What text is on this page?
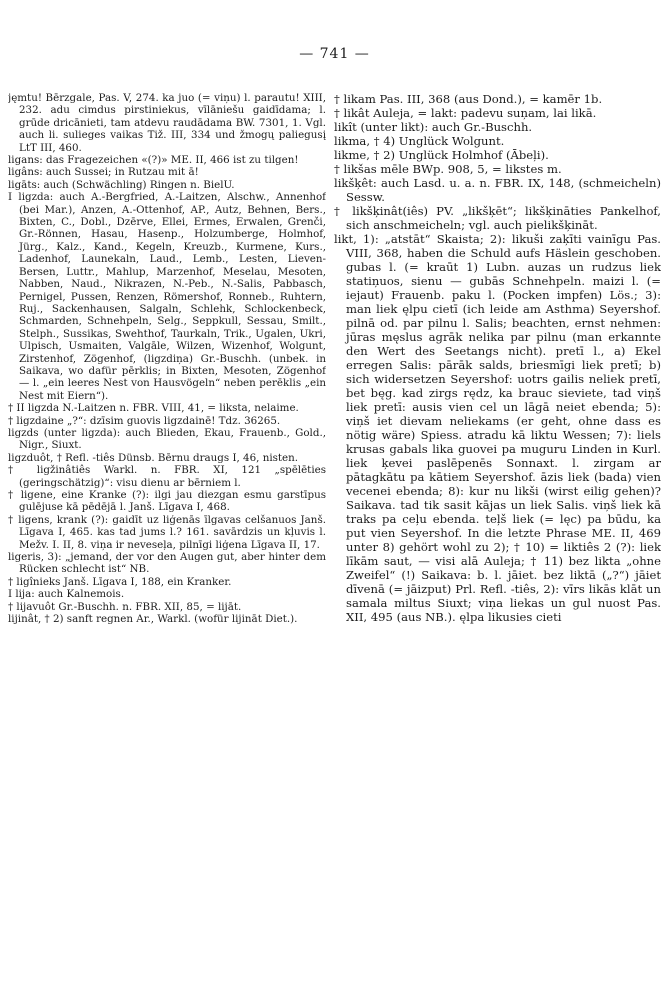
— 741 —

jęmtu! Bērzgale, Pas. V, 274. ka juo (= viņu) l. parautu! XIII, 232. adu cimdus pirstiniekus, vīlāniešu gaidīdama; l. grūde dricānieti, tam atdevu raudādama BW. 7301, 1. Vgl. auch li. sulieges vaikas Tiž. III, 334 und žmogų paliegusį LtT III, 460.

ligans: das Fragezeichen «(?)» ME. II, 466 ist zu tilgen!

ligâns: auch Sussei; in Rutzau mit ā!

ligāts: auch (Schwächling) Ringen n. BielU.

I ligzda: auch A.-Bergfried, A.-Laitzen, Alschw., Annenhof (bei Mar.), Anzen, A.-Ottenhof, AP., Autz, Behnen, Bers., Bixten, C., Dobl., Dzērve, Ellei, Ermes, Erwalen, Grenči, Gr.-Rönnen, Hasau, Hasenp., Holzumberge, Holmhof, Jürg., Kalz., Kand., Kegeln, Kreuzb., Kurmene, Kurs., Ladenhof, Launekaln, Laud., Lemb., Lesten, Lieven-Bersen, Luttr., Mahlup, Marzenhof, Meselau, Mesoten, Nabben, Naud., Nikrazen, N.-Peb., N.-Salis, Pabbasch, Pernigel, Pussen, Renzen, Römershof, Ronneb., Ruhtern, Ruj., Sackenhausen, Salgaln, Schlehk, Schlockenbeck, Schmarden, Schnehpeln, Selg., Seppkull, Sessau, Smilt., Stelph., Sussikas, Swehthof, Taurkaln, Trik., Ugalen, Ukri, Ulpisch, Usmaiten, Valgāle, Wilzen, Wizenhof, Wolgunt, Zirstenhof, Zögenhof, (ligzdiņa) Gr.-Buschh. (unbek. in Saikava, wo dafür pērklis; in Bixten, Mesoten, Zögenhof — l. „ein leeres Nest von Hausvögeln“ neben perēklis „ein Nest mit Eiern“).

† II ligzda N.-Laitzen n. FBR. VIII, 41, = liksta, nelaime.

† ligzdaine „?“: dzīsim guovis ligzdainē! Tdz. 36265.

ligzds (unter ligzda): auch Blieden, Ekau, Frauenb., Gold., Nigr., Siuxt.

ligzduôt, † Refl. -tiês Dünsb. Bērnu draugs I, 46, nisten.

† ligžinâtiês Warkl. n. FBR. XI, 121 „spēlēties (geringschätzig)“: visu dienu ar bērniem l.

† ligene, eine Kranke (?): ilgi jau diezgan esmu garstīpus gulējuse kā pēdējā l. Janš. Līgava I, 468.

† ligens, krank (?): gaidīt uz liģenās īlgavas celšanuos Janš. Līgava I, 465. kas tad jums l.? 161. savārdzis un kļuvis l. Mežv. I. II, 8. viņa ir neveseļa, pilnīgi liģena Līgava II, 17.

ligeris, 3): „jemand, der vor den Augen gut, aber hinter dem Rücken schlecht ist“ NB.

† ligînieks Janš. Līgava I, 188, ein Kranker.

I lija: auch Kalnemois.

† lijavuôt Gr.-Buschh. n. FBR. XII, 85, = lijāt.

lijinât, † 2) sanft regnen Ar., Warkl. (wofür lijināt Diet.).

† likam Pas. III, 368 (aus Dond.), = kamēr 1b.

† likât Auleja, = lakt: padevu suņam, lai likā.

likît (unter likt): auch Gr.-Buschh.

likma, † 4) Unglück Wolgunt.

likme, † 2) Unglück Holmhof (Ābeļi).

† likšas mēle BWp. 908, 5, = likstes m.

likšķêt: auch Lasd. u. a. n. FBR. IX, 148, (schmeicheln) Sessw.

† likšķinât(iês) PV. „likšķēt“; likšķināties Pankelhof, sich anschmeicheln; vgl. auch pielikšķināt.

likt, 1): „atstāt“ Skaista; 2): likuši zaķīti vainīgu Pas. VIII, 368, haben die Schuld aufs Häslein geschoben. gubas l. (= kraūt 1) Lubn. auzas un rudzus liek statiņuos, sienu — gubās Schnehpeln. maizi l. (= iejaut) Frauenb. paku l. (Pocken impfen) Lös.; 3): man liek ęlpu cietī (ich leide am Asthma) Seyershof. pilnā od. par pilnu l. Salis; beachten, ernst nehmen: jūras męslus agrāk nelika par pilnu (man erkannte den Wert des Seetangs nicht). pretī l., a) Ekel erregen Salis: pārāk salds, briesmīgi liek pretī; b) sich widersetzen Seyershof: uotrs gailis neliek pretī, bet bęg. kad zirgs rędz, ka brauc sieviete, tad viņš liek pretī: ausis vien cel un lāgā neiet ebenda; 5): viņš iet dievam neliekams (er geht, ohne dass es nötig wäre) Spiess. atradu kā liktu Wessen; 7): liels krusas gabals lika guovei pa muguru Linden in Kurl. liek ķevei paslēpenēs Sonnaxt. l. zirgam ar pātagkātu pa kātiem Seyershof. āzis liek (bada) vien vecenei ebenda; 8): kur nu likši (wirst eilig gehen)? Saikava. tad tik sasit kājas un liek Salis. viņš liek kā traks pa ceļu ebenda. teļš liek (= lęc) pa būdu, ka put vien Seyershof. In die letzte Phrase ME. II, 469 unter 8) gehört wohl zu 2); † 10) = liktiês 2 (?): liek līkām saut, — visi alā Auleja; † 11) bez likta „ohne Zweifel“ (!) Saikava: b. l. jāiet. bez liktā („?“) jāiet dīvenā (= jāizput) Prl. Refl. -tiês, 2): vīrs likās klāt un samala miltus Siuxt; viņa liekas un gul nuost Pas. XII, 495 (aus NB.). ęlpa likusies cieti
